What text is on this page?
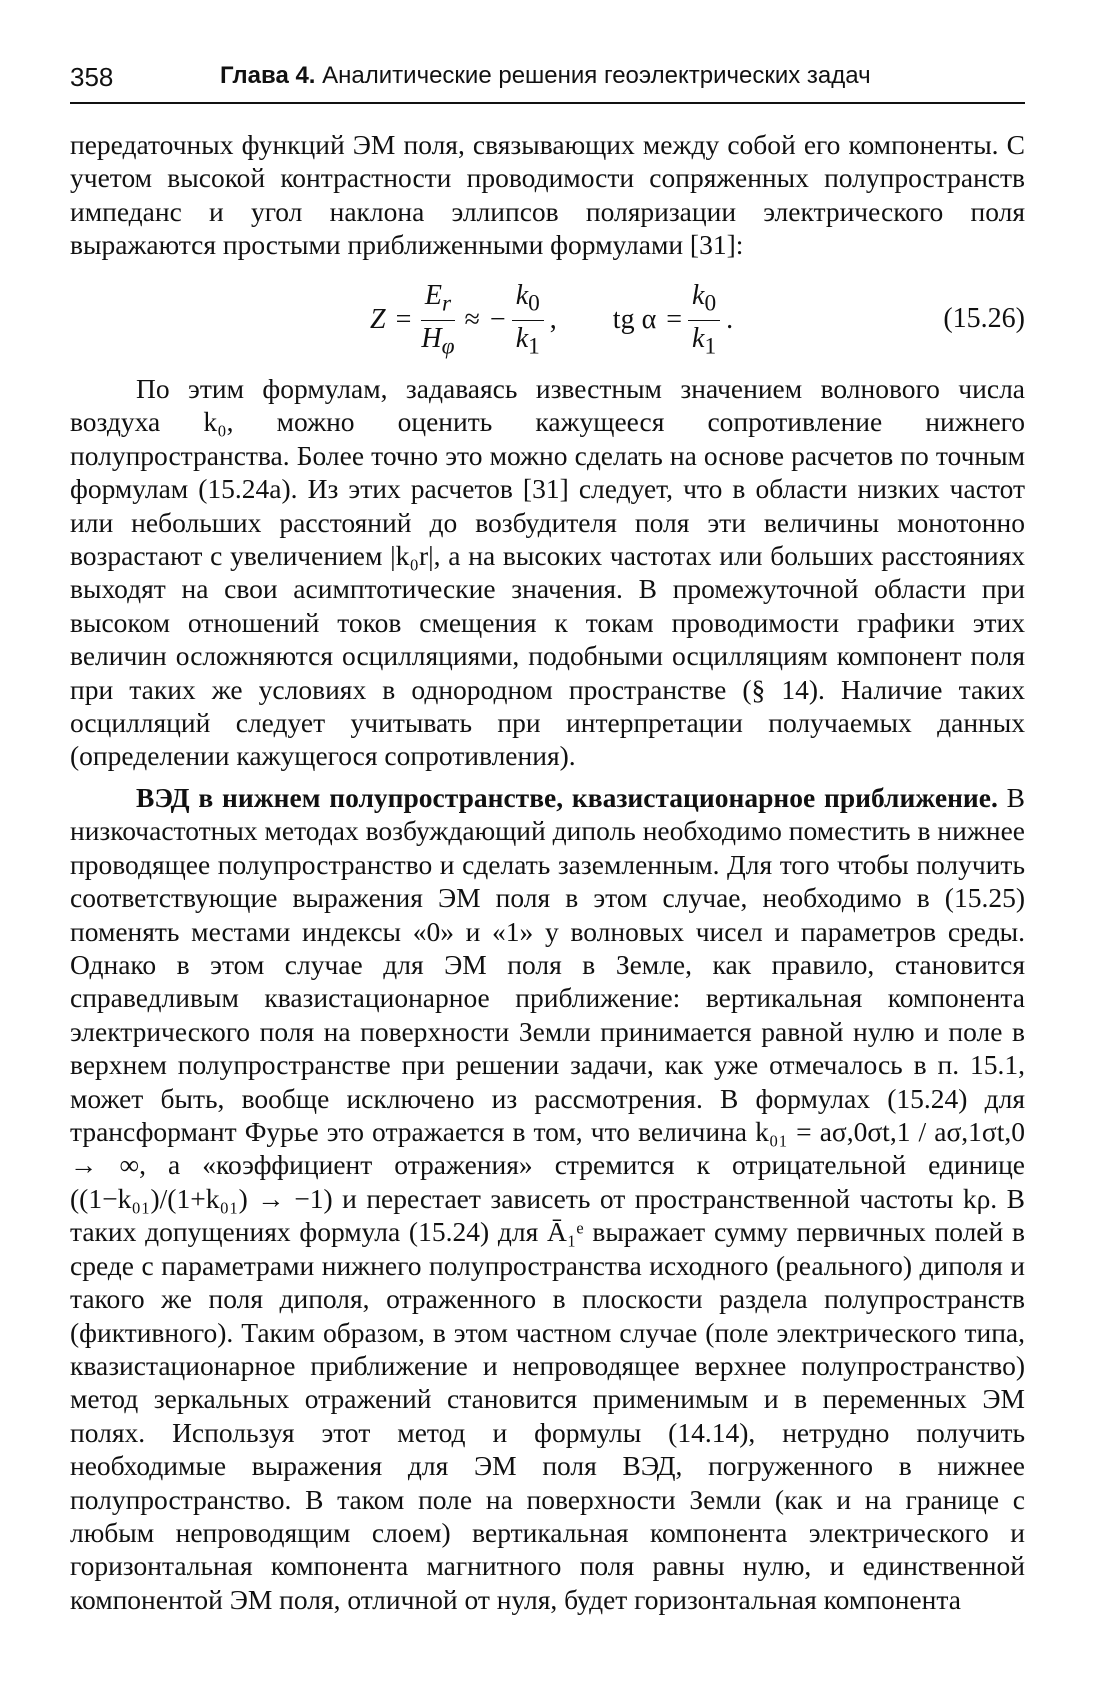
358	Глава 4. Аналитические решения геоэлектрических задач

передаточных функций ЭМ поля, связывающих между собой его компоненты. С учетом высокой контрастности проводимости сопряженных полупространств импеданс и угол наклона эллипсов поляризации электрического поля выражаются простыми приближенными формулами [31]:

$Z = \frac{E_r}{H_\varphi}$ ≈ − $\frac{k_0}{k_1}$ , tg $\alpha = \frac{k_0}{k_1}$ .	(15.26)

По этим формулам, задаваясь известным значением волнового числа воздуха k₀, можно оценить кажущееся сопротивление нижнего полупространства. Более точно это можно сделать на основе расчетов по точным формулам (15.24а). Из этих расчетов [31] следует, что в области низких частот или небольших расстояний до возбудителя поля эти величины монотонно возрастают с увеличением |k₀r|, а на высоких частотах или больших расстояниях выходят на свои асимптотические значения. В промежуточной области при высоком отношений токов смещения к токам проводимости графики этих величин осложняются осцилляциями, подобными осцилляциям компонент поля при таких же условиях в однородном пространстве (§ 14). Наличие таких осцилляций следует учитывать при интерпретации получаемых данных (определении кажущегося сопротивления).

ВЭД в нижнем полупространстве, квазистационарное приближение. В низкочастотных методах возбуждающий диполь необходимо поместить в нижнее проводящее полупространство и сделать заземленным. Для того чтобы получить соответствующие выражения ЭМ поля в этом случае, необходимо в (15.25) поменять местами индексы «0» и «1» у волновых чисел и параметров среды. Однако в этом случае для ЭМ поля в Земле, как правило, становится справедливым квазистационарное приближение: вертикальная компонента электрического поля на поверхности Земли принимается равной нулю и поле в верхнем полупространстве при решении задачи, как уже отмечалось в п. 15.1, может быть, вообще исключено из рассмотрения. В формулах (15.24) для трансформант Фурье это отражается в том, что величина k₀₁ = aσ,0σt,1 / aσ,1σt,0 → ∞, а «коэффициент отражения» стремится к отрицательной единице ((1−k₀₁)/(1+k₀₁) → −1) и перестает зависеть от пространственной частоты kρ. В таких допущениях формула (15.24) для Ā₁ᵉ выражает сумму первичных полей в среде с параметрами нижнего полупространства исходного (реального) диполя и такого же поля диполя, отраженного в плоскости раздела полупространств (фиктивного). Таким образом, в этом частном случае (поле электрического типа, квазистационарное приближение и непроводящее верхнее полупространство) метод зеркальных отражений становится применимым и в переменных ЭМ полях. Используя этот метод и формулы (14.14), нетрудно получить необходимые выражения для ЭМ поля ВЭД, погруженного в нижнее полупространство. В таком поле на поверхности Земли (как и на границе с любым непроводящим слоем) вертикальная компонента электрического и горизонтальная компонента магнитного поля равны нулю, и единственной компонентой ЭМ поля, отличной от нуля, будет горизонтальная компонента
